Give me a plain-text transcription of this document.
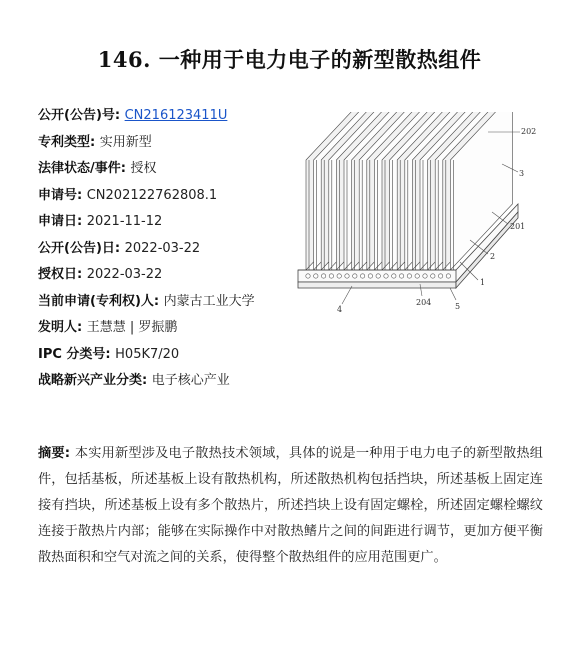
146. 一种用于电力电子的新型散热组件
公开(公告)号: CN216123411U
专利类型: 实用新型
法律状态/事件: 授权
申请号: CN202122762808.1
申请日: 2021-11-12
公开(公告)日: 2022-03-22
授权日: 2022-03-22
当前申请(专利权)人: 内蒙古工业大学
发明人: 王慧慧 | 罗振鹏
IPC 分类号: H05K7/20
战略新兴产业分类: 电子核心产业
202
3
201
2
1
4
204	5
摘要: 本实用新型涉及电子散热技术领域，具体的说是一种用于电力电子的新型散热组件，包括基板，所述基板上设有散热机构，所述散热机构包括挡块，所述基板上固定连接有挡块，所述基板上设有多个散热片，所述挡块上设有固定螺栓，所述固定螺栓螺纹连接于散热片内部；能够在实际操作中对散热鳍片之间的间距进行调节，更加方便平衡散热面积和空气对流之间的关系，使得整个散热组件的应用范围更广。
